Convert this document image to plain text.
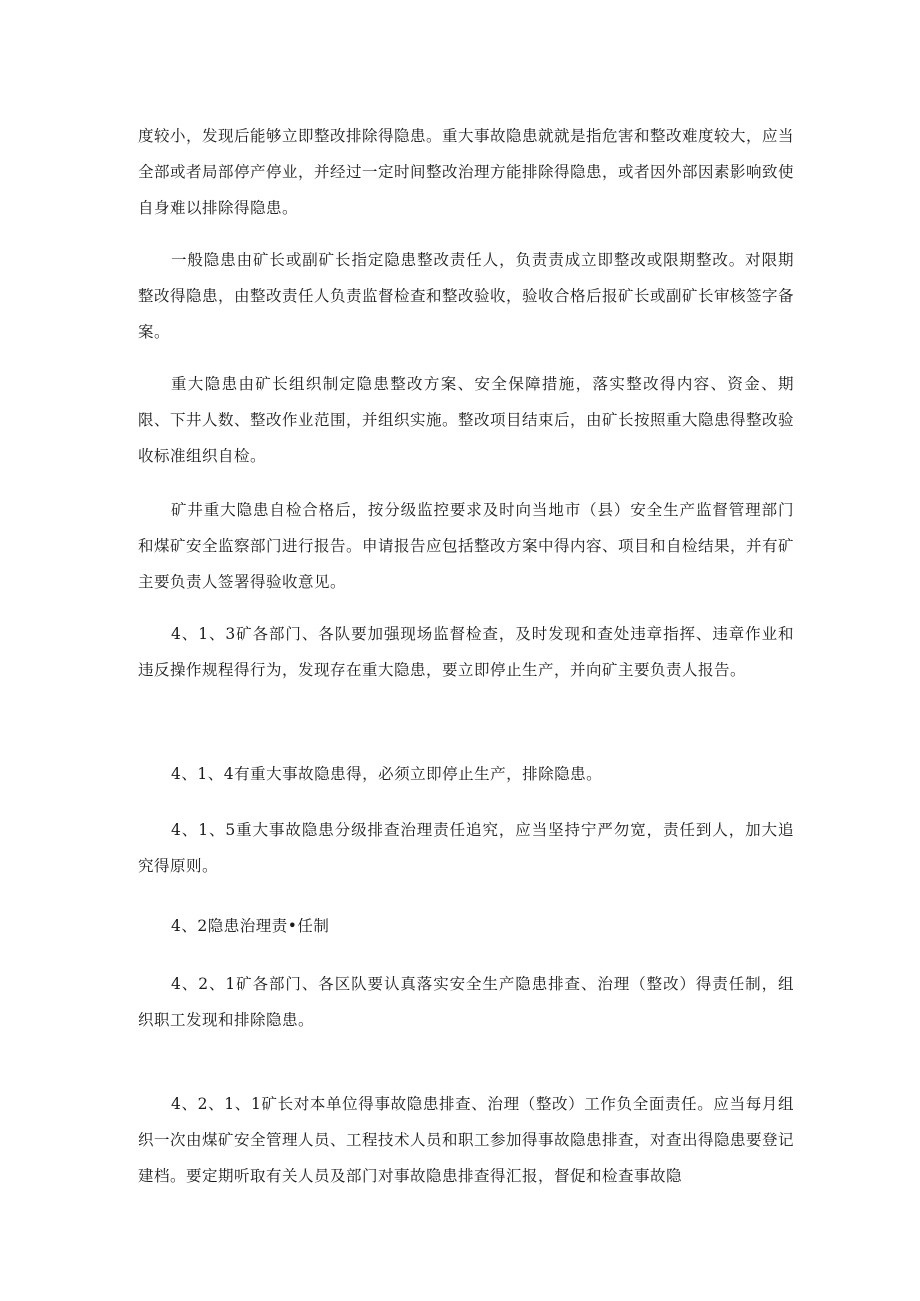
度较小，发现后能够立即整改排除得隐患。重大事故隐患就就是指危害和整改难度较大，应当全部或者局部停产停业，并经过一定时间整改治理方能排除得隐患，或者因外部因素影响致使自身难以排除得隐患。

一般隐患由矿长或副矿长指定隐患整改责任人，负责责成立即整改或限期整改。对限期整改得隐患，由整改责任人负责监督检查和整改验收，验收合格后报矿长或副矿长审核签字备案。

重大隐患由矿长组织制定隐患整改方案、安全保障措施，落实整改得内容、资金、期限、下井人数、整改作业范围，并组织实施。整改项目结束后，由矿长按照重大隐患得整改验收标准组织自检。

矿井重大隐患自检合格后，按分级监控要求及时向当地市（县）安全生产监督管理部门和煤矿安全监察部门进行报告。申请报告应包括整改方案中得内容、项目和自检结果，并有矿主要负责人签署得验收意见。

4、1、3矿各部门、各队要加强现场监督检查，及时发现和查处违章指挥、违章作业和违反操作规程得行为，发现存在重大隐患，要立即停止生产，并向矿主要负责人报告。

4、1、4有重大事故隐患得，必须立即停止生产，排除隐患。

4、1、5重大事故隐患分级排查治理责任追究，应当坚持宁严勿宽，责任到人，加大追究得原则。

4、2隐患治理责•任制

4、2、1矿各部门、各区队要认真落实安全生产隐患排查、治理（整改）得责任制，组织职工发现和排除隐患。

4、2、1、1矿长对本单位得事故隐患排查、治理（整改）工作负全面责任。应当每月组织一次由煤矿安全管理人员、工程技术人员和职工参加得事故隐患排查，对查出得隐患要登记建档。要定期听取有关人员及部门对事故隐患排查得汇报，督促和检查事故隐
